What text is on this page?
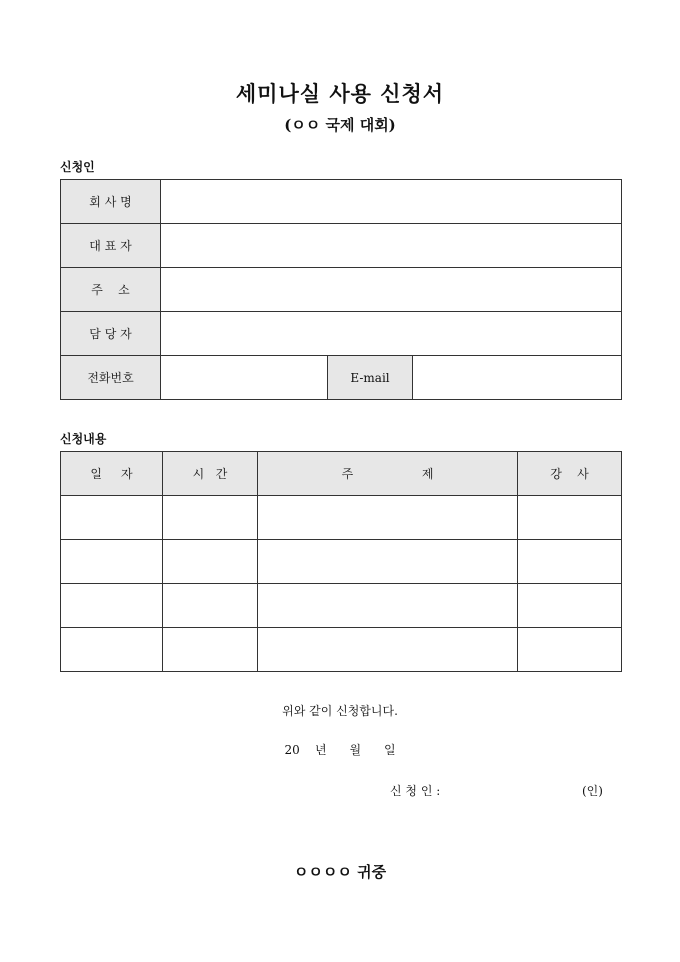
세미나실 사용 신청서
(ㅇㅇ 국제 대회)
신청인
회 사 명			
대 표 자			
주    소			
담 당 자			
전화번호		E-mail	
신청내용
일     자	시   간	주                  제	강    사

위와 같이 신청합니다.
20    년      월      일
신 청 인 :	(인)
ㅇㅇㅇㅇ 귀중
